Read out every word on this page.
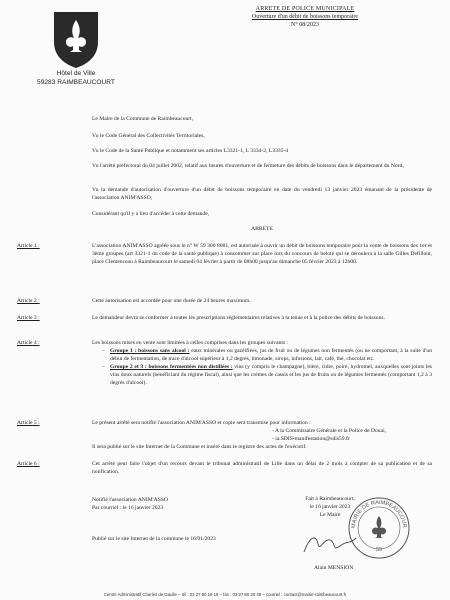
ARRETE DE POLICE MUNICIPALE
Ouverture d'un débit de boissons temporaire
N° 08/2023
Hôtel de Ville
59283 RAIMBEAUCOURT
Le Maire de la Commune de Raimbeaucourt,
Vu le Code Général des Collectivités Territoriales,
Vu le Code de la Santé Publique et notamment ses articles L3321-1, L 3334-2, L3335-4
Vu l'arrêté préfectoral du 04 juillet 2002, relatif aux heures d'ouverture et de fermeture des débits de boissons dans le département du Nord,
Vu la demande d'autorisation d'ouverture d'un débit de boissons temporaire en date du vendredi 13 janvier 2023 émanant de la présidente de l'association ANIM'ASSO,
Considérant qu'il y a lieu d'accéder à cette demande,
ARRETE
Article 1 :	L'association ANIM'ASSO agréée sous le n° W 59 300 8081, est autorisée à ouvrir un débit de boissons temporaire pour la vente de boissons des 1er et 3ème groupes (art 3321-1 du code de la santé publique) à consommer sur place lors du concours de belote qui se déroulera à la salle Gilles Defillout, place Clemenceau à Raimbeaucourt le samedi 04 février à partir de 08h00 jusqu'au dimanche 05 février 2023 à 12h00.
Article 2 :	Cette autorisation est accordée pour une durée de 24 heures maximum.
Article 3 :	Le demandeur devra se conformer à toutes les prescriptions réglementaires relatives à la tenue et à la police des débits de boissons.
Article 4 :	Les boissons mises en vente sont limitées à celles comprises dans les groupes suivants :
– Groupe 1 : boissons sans alcool : eaux minérales ou gazéifiées, jus de fruit ou de légumes non fermentés (ou ne comportant, à la suite d'un début de fermentation, de trace d'alcool supérieur à 1,2 degrés, limonade, sirops, infusions, lait, café, thé, chocolat etc.
– Groupe 2 et 3 : boissons fermentées non distillées : vins (y compris le champagne), bière, cidre, poiré, hydromel, auxquelles sont joints les vins doux naturels (bénéficiant du régime fiscal), ainsi que les crèmes de cassis et les jus de fruits ou de légumes fermentés (comportant 1,2 à 3 degrés d'alcool).
Article 5 :	Le présent arrêté sera notifié l'association ANIM'ASSO et copie sera transmise pour information :
- A la Commissaire Générale et la Police de Douai,
- ia.SDIS-manifestation@sdis59.fr
Il sera publié sur le site Internet de la Commune et inséré dans le registre des actes de l'exécutif.
Article 6 :	Cet arrêté peut faire l'objet d'un recours devant le tribunal administratif de Lille dans un délai de 2 mois à compter de sa publication et de sa notification.
Notifié l'association ANIM'ASSO
Par courriel : le 16 janvier 2023
Publié sur le site Internet de la commune le 16/01/2023
Fait à Raimbeaucourt,
le 16 janvier 2023
Le Maire
Alain MENSION
MAIRIE DE RAIMBEAUCOUR
59
Centre Administratif Charles de Gaulle – tél : 03 27 80 16 18 – fax : 03 27 80 20 49 – courriel : contact@mairie-raimbeaucourt.fr
